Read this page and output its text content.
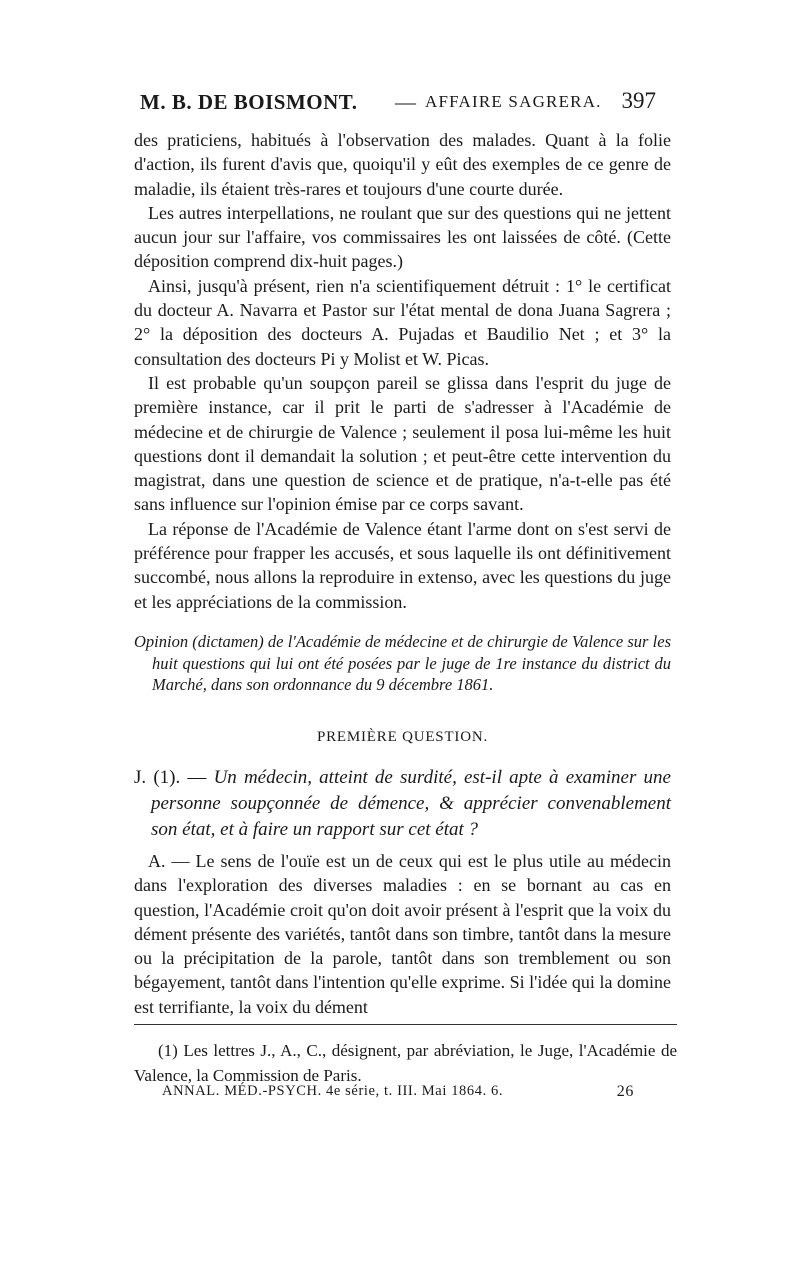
M. B. DE BOISMONT. — AFFAIRE SAGRERA. 397

des praticiens, habitués à l'observation des malades. Quant à la folie d'action, ils furent d'avis que, quoiqu'il y eût des exemples de ce genre de maladie, ils étaient très-rares et toujours d'une courte durée.

Les autres interpellations, ne roulant que sur des questions qui ne jettent aucun jour sur l'affaire, vos commissaires les ont laissées de côté. (Cette déposition comprend dix-huit pages.)

Ainsi, jusqu'à présent, rien n'a scientifiquement détruit : 1° le certificat du docteur A. Navarra et Pastor sur l'état mental de dona Juana Sagrera ; 2° la déposition des docteurs A. Pujadas et Baudilio Net ; et 3° la consultation des docteurs Pi y Molist et W. Picas.

Il est probable qu'un soupçon pareil se glissa dans l'esprit du juge de première instance, car il prit le parti de s'adresser à l'Académie de médecine et de chirurgie de Valence ; seulement il posa lui-même les huit questions dont il demandait la solution ; et peut-être cette intervention du magistrat, dans une question de science et de pratique, n'a-t-elle pas été sans influence sur l'opinion émise par ce corps savant.

La réponse de l'Académie de Valence étant l'arme dont on s'est servi de préférence pour frapper les accusés, et sous laquelle ils ont définitivement succombé, nous allons la reproduire in extenso, avec les questions du juge et les appréciations de la commission.

Opinion (dictamen) de l'Académie de médecine et de chirurgie de Valence sur les huit questions qui lui ont été posées par le juge de 1re instance du district du Marché, dans son ordonnance du 9 décembre 1861.

PREMIÈRE QUESTION.

J. (1). — Un médecin, atteint de surdité, est-il apte à examiner une personne soupçonnée de démence, & apprécier convenablement son état, et à faire un rapport sur cet état ?

A. — Le sens de l'ouïe est un de ceux qui est le plus utile au médecin dans l'exploration des diverses maladies : en se bornant au cas en question, l'Académie croit qu'on doit avoir présent à l'esprit que la voix du dément présente des variétés, tantôt dans son timbre, tantôt dans la mesure ou la précipitation de la parole, tantôt dans son tremblement ou son bégayement, tantôt dans l'intention qu'elle exprime. Si l'idée qui la domine est terrifiante, la voix du dément

(1) Les lettres J., A., C., désignent, par abréviation, le Juge, l'Académie de Valence, la Commission de Paris.

ANNAL. MÉD.-PSYCH. 4e série, t. III. Mai 1864. 6.	26
